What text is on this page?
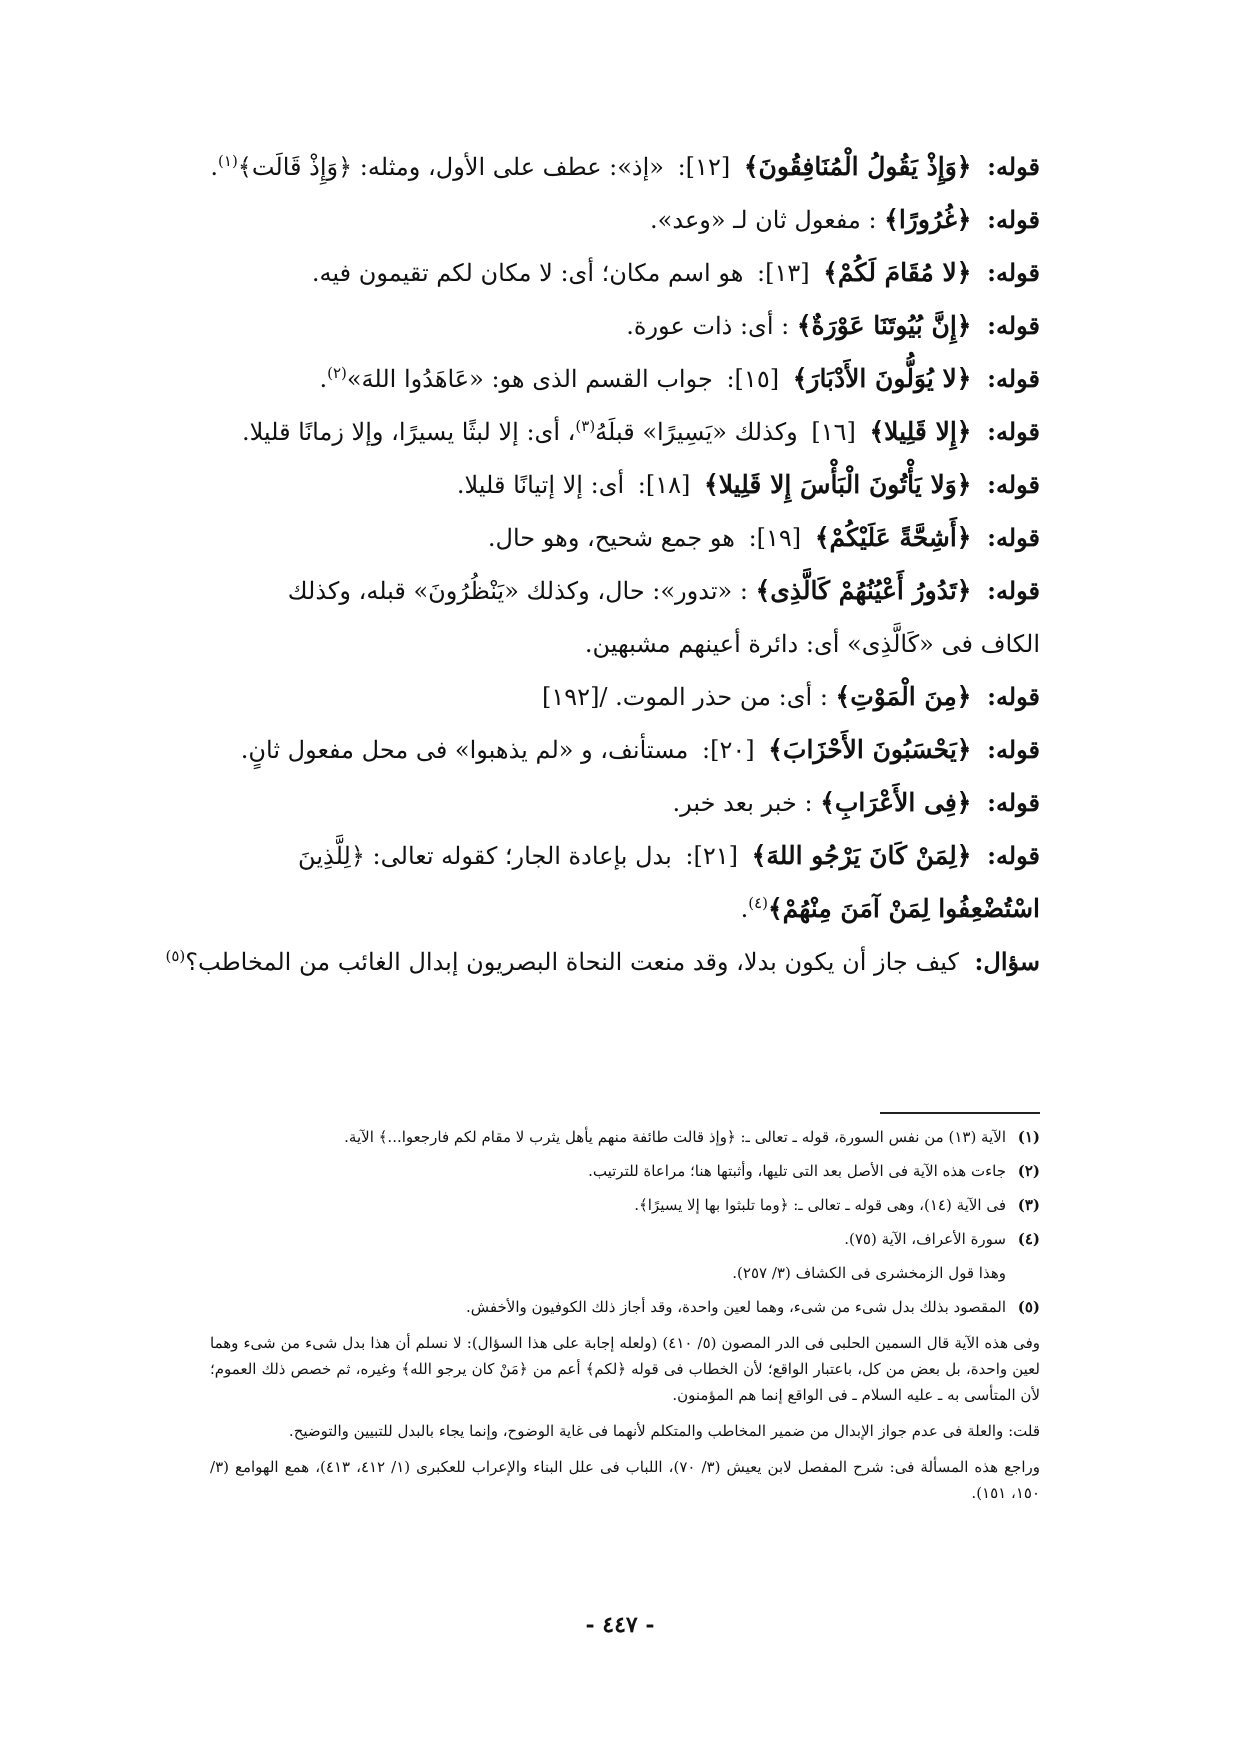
قوله: ﴿وَإِذْ يَقُولُ الْمُنَافِقُونَ﴾ [١٢]: «إذ»: عطف على الأول، ومثله: ﴿وَإِذْ قَالَت﴾$^{(١)}$.
قوله: ﴿غُرُورًا﴾ : مفعول ثان لـ «وعد».
قوله: ﴿لا مُقَامَ لَكُمْ﴾ [١٣]: هو اسم مكان؛ أى: لا مكان لكم تقيمون فيه.
قوله: ﴿إِنَّ بُيُوتَنَا عَوْرَةٌ﴾ : أى: ذات عورة.
قوله: ﴿لا يُوَلُّونَ الأَدْبَارَ﴾ [١٥]: جواب القسم الذى هو: «عَاهَدُوا اللهَ»$^{(٢)}$.
قوله: ﴿إِلا قَلِيلا﴾ [١٦] وكذلك «يَسِيرًا» قبلَهُ$^{(٣)}$، أى: إلا لبثًا يسيرًا، وإلا زمانًا قليلا.
قوله: ﴿وَلا يَأْتُونَ الْبَأْسَ إِلا قَلِيلا﴾ [١٨]: أى: إلا إتيانًا قليلا.
قوله: ﴿أَشِحَّةً عَلَيْكُمْ﴾ [١٩]: هو جمع شحيح، وهو حال.
قوله: ﴿تَدُورُ أَعْيُنُهُمْ كَالَّذِى﴾ : «تدور»: حال، وكذلك «يَنْظُرُونَ» قبله، وكذلك
الكاف فى «كَالَّذِى» أى: دائرة أعينهم مشبهين.
قوله: ﴿مِنَ الْمَوْتِ﴾ : أى: من حذر الموت. /[١٩٢]
قوله: ﴿يَحْسَبُونَ الأَحْزَابَ﴾ [٢٠]: مستأنف، و «لم يذهبوا» فى محل مفعول ثانٍ.
قوله: ﴿فِى الأَعْرَابِ﴾ : خبر بعد خبر.
قوله: ﴿لِمَنْ كَانَ يَرْجُو اللهَ﴾ [٢١]: بدل بإعادة الجار؛ كقوله تعالى: ﴿لِلَّذِينَ
اسْتُضْعِفُوا لِمَنْ آمَنَ مِنْهُمْ﴾$^{(٤)}$.
سؤال: كيف جاز أن يكون بدلا، وقد منعت النحاة البصريون إبدال الغائب من المخاطب؟$^{(٥)}$
(١)الآية (١٣) من نفس السورة، قوله ـ تعالى ـ: ﴿وإذ قالت طائفة منهم يأهل يثرب لا مقام لكم فارجعوا...﴾ الآية.
(٢)جاءت هذه الآية فى الأصل بعد التى تليها، وأثبتها هنا؛ مراعاة للترتيب.
(٣)فى الآية (١٤)، وهى قوله ـ تعالى ـ: ﴿وما تلبثوا بها إلا يسيرًا﴾.
(٤)سورة الأعراف، الآية (٧٥).
وهذا قول الزمخشرى فى الكشاف (٣/ ٢٥٧).
(٥)المقصود بذلك بدل شىء من شىء، وهما لعين واحدة، وقد أجاز ذلك الكوفيون والأخفش.
وفى هذه الآية قال السمين الحلبى فى الدر المصون (٥/ ٤١٠) (ولعله إجابة على هذا السؤال): لا نسلم أن هذا بدل شىء من شىء وهما لعين واحدة، بل بعض من كل، باعتبار الواقع؛ لأن الخطاب فى قوله ﴿لكم﴾ أعم من ﴿مَنْ كان يرجو الله﴾ وغيره، ثم خصص ذلك العموم؛ لأن المتأسى به ـ عليه السلام ـ فى الواقع إنما هم المؤمنون.
قلت: والعلة فى عدم جواز الإبدال من ضمير المخاطب والمتكلم لأنهما فى غاية الوضوح، وإنما يجاء بالبدل للتبيين والتوضيح.
وراجع هذه المسألة فى: شرح المفصل لابن يعيش (٣/ ٧٠)، اللباب فى علل البناء والإعراب للعكبرى (١/ ٤١٢، ٤١٣)، همع الهوامع (٣/ ١٥٠، ١٥١).
- ٤٤٧ -
